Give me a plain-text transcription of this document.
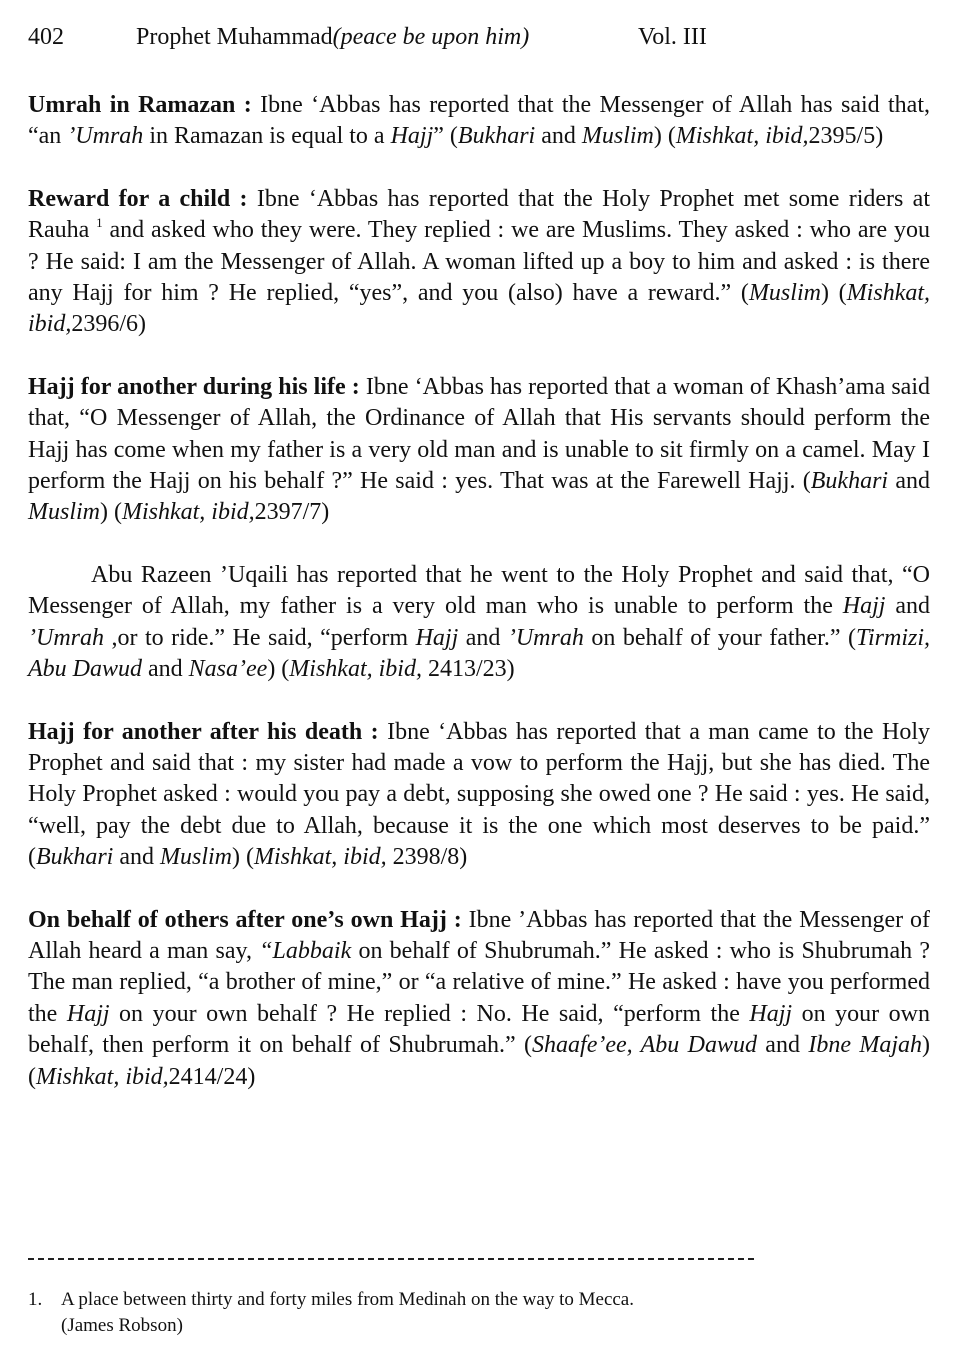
402	Prophet Muhammad(peace be upon him)	Vol. III

Umrah in Ramazan : Ibne ‘Abbas has reported that the Messenger of Allah has said that, “an ’Umrah in Ramazan is equal to a Hajj” (Bukhari and Muslim) (Mishkat, ibid,2395/5)

Reward for a child : Ibne ‘Abbas has reported that the Holy Prophet met some riders at Rauha $^1$ and asked who they were. They replied : we are Muslims. They asked : who are you ? He said: I am the Messenger of Allah. A woman lifted up a boy to him and asked : is there any Hajj for him ? He replied, “yes”, and you (also) have a reward.” (Muslim) (Mishkat, ibid,2396/6)

Hajj for another during his life : Ibne ‘Abbas has reported that a woman of Khash’ama said that, “O Messenger of Allah, the Ordinance of Allah that His servants should perform the Hajj has come when my father is a very old man and is unable to sit firmly on a camel. May I perform the Hajj on his behalf ?” He said : yes. That was at the Farewell Hajj. (Bukhari and Muslim) (Mishkat, ibid,2397/7)

Abu Razeen ’Uqaili has reported that he went to the Holy Prophet and said that, “O Messenger of Allah, my father is a very old man who is unable to perform the Hajj and ’Umrah ,or to ride.” He said, “perform Hajj and ’Umrah on behalf of your father.” (Tirmizi, Abu Dawud and Nasa’ee) (Mishkat, ibid, 2413/23)

Hajj for another after his death : Ibne ‘Abbas has reported that a man came to the Holy Prophet and said that : my sister had made a vow to perform the Hajj, but she has died. The Holy Prophet asked : would you pay a debt, supposing she owed one ? He said : yes. He said, “well, pay the debt due to Allah, because it is the one which most deserves to be paid.” (Bukhari and Muslim) (Mishkat, ibid, 2398/8)

On behalf of others after one’s own Hajj : Ibne ’Abbas has reported that the Messenger of Allah heard a man say, “Labbaik on behalf of Shubrumah.” He asked : who is Shubrumah ? The man replied, “a brother of mine,” or “a relative of mine.” He asked : have you performed the Hajj on your own behalf ? He replied : No. He said, “perform the Hajj on your own behalf, then perform it on behalf of Shubrumah.” (Shaafe’ee, Abu Dawud and Ibne Majah) (Mishkat, ibid,2414/24)

1. A place between thirty and forty miles from Medinah on the way to Mecca.
(James Robson)
